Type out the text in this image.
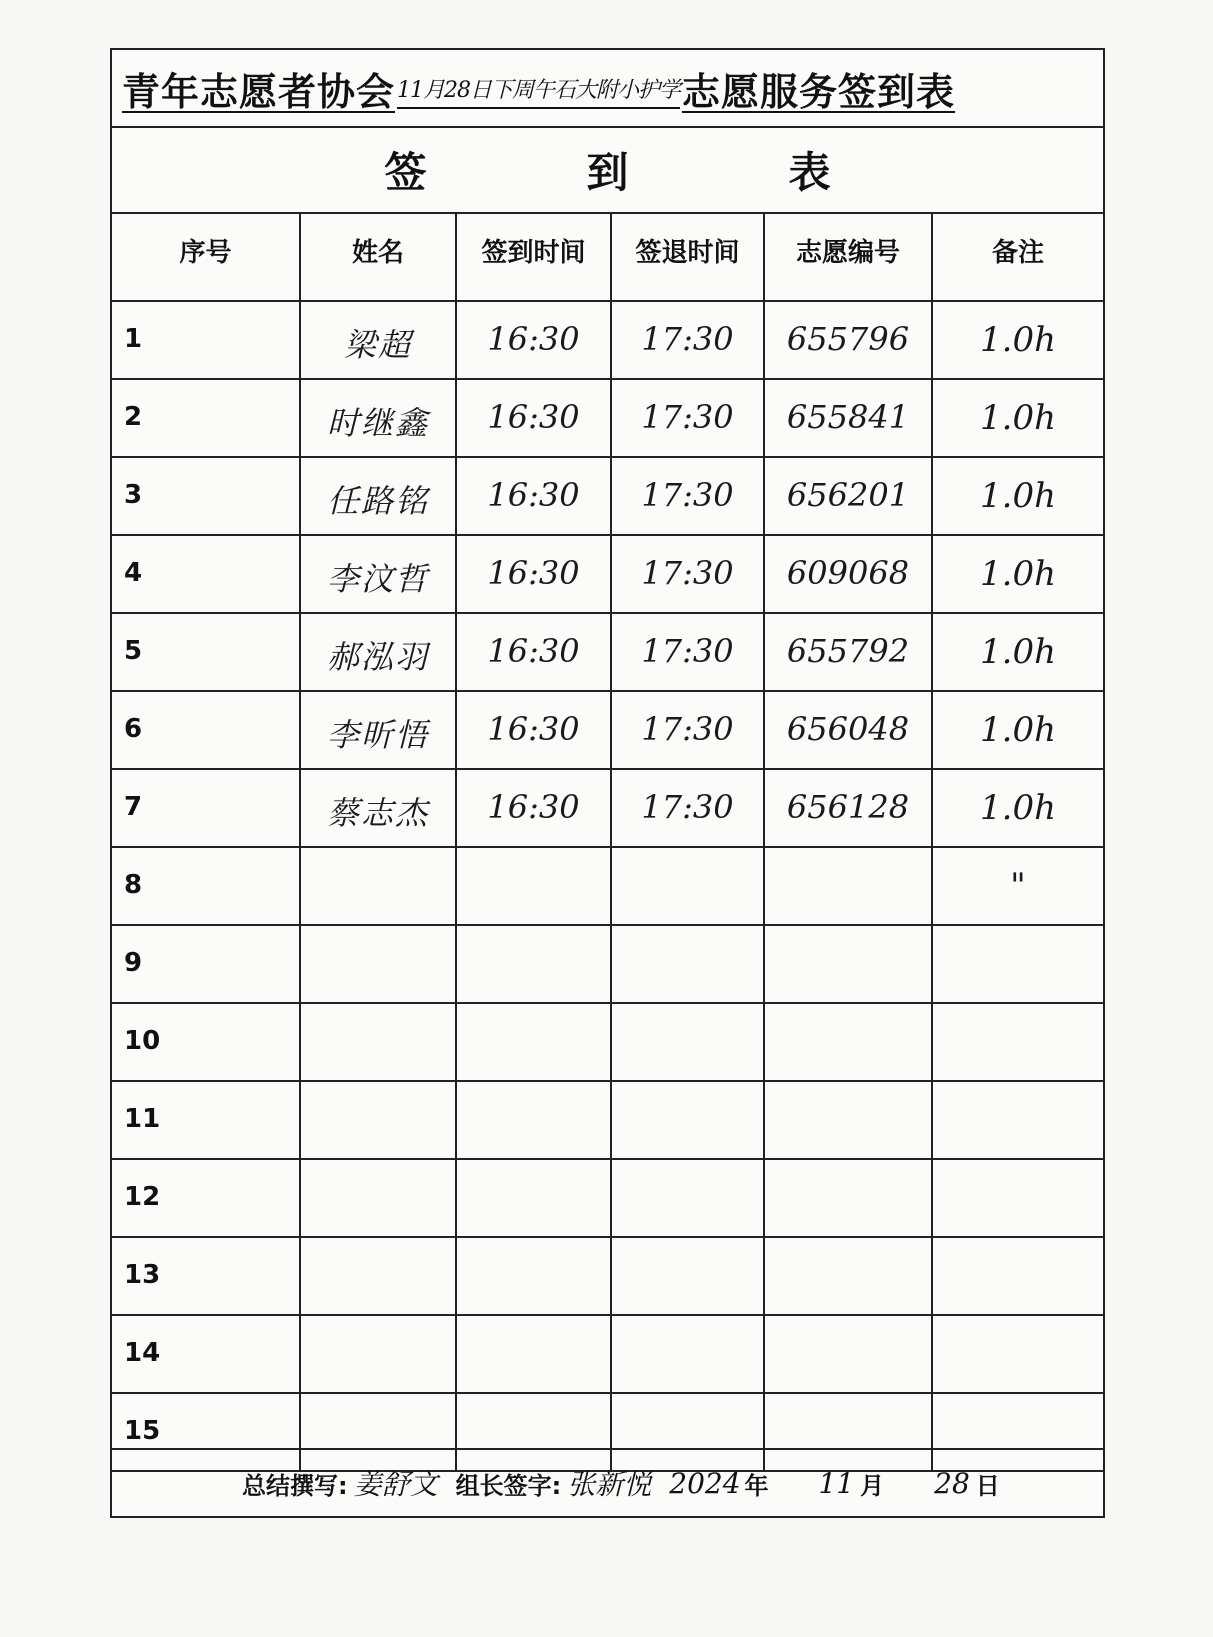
青年志愿者协会 11月28日下周午石大附小护学 志愿服务签到表
签到表
序号	姓名	签到时间	签退时间	志愿编号	备注
1	梁超	16:30	17:30	655796	1.0h
2	时继鑫	16:30	17:30	655841	1.0h
3	任路铭	16:30	17:30	656201	1.0h
4	李汶哲	16:30	17:30	609068	1.0h
5	郝泓羽	16:30	17:30	655792	1.0h
6	李昕悟	16:30	17:30	656048	1.0h
7	蔡志杰	16:30	17:30	656128	1.0h
8					"
9					
10					
11					
12					
13					
14					
15					
总结撰写: 姜舒文 组长签字: 张新悦 2024 年 11 月 28 日
